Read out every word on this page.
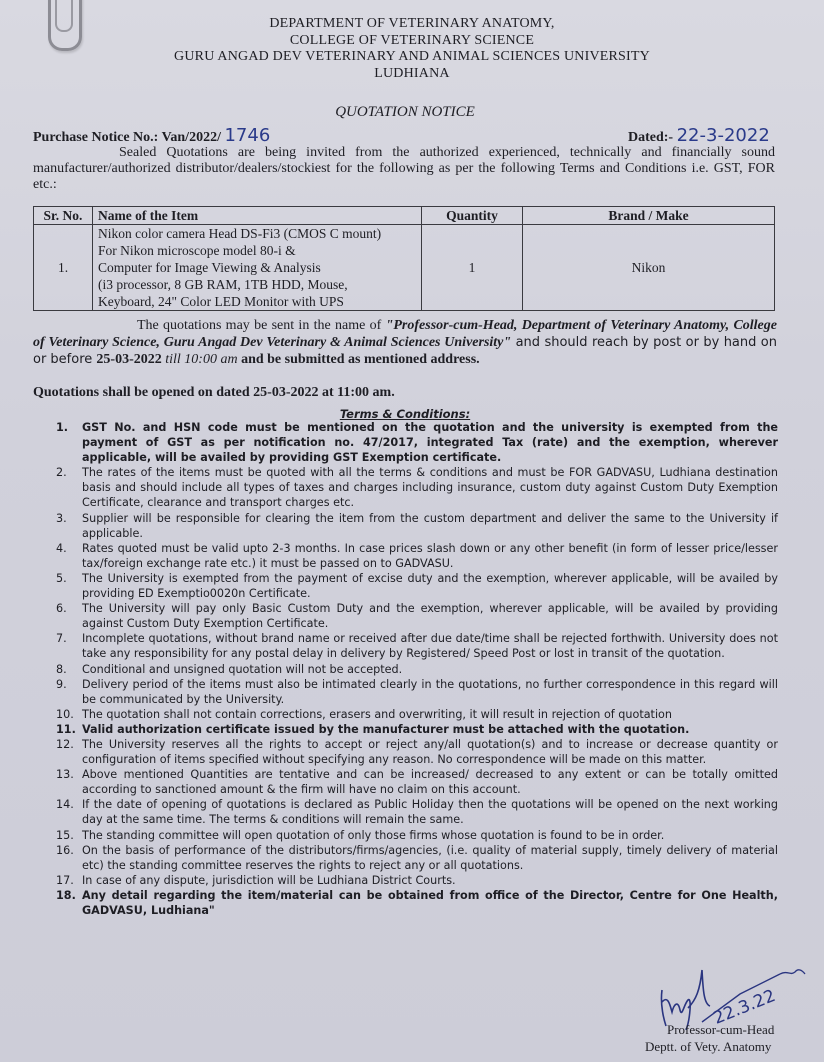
DEPARTMENT OF VETERINARY ANATOMY,
COLLEGE OF VETERINARY SCIENCE
GURU ANGAD DEV VETERINARY AND ANIMAL SCIENCES UNIVERSITY
LUDHIANA
QUOTATION NOTICE
Purchase Notice No.: Van/2022/ 1746	Dated:- 22-3-2022
Sealed Quotations are being invited from the authorized experienced, technically and financially sound manufacturer/authorized distributor/dealers/stockiest for the following as per the following Terms and Conditions i.e. GST, FOR etc.:
Sr. No.	Name of the Item	Quantity	Brand / Make
1.	Nikon color camera Head DS-Fi3 (CMOS C mount)
For Nikon microscope model 80-i &
Computer for Image Viewing & Analysis
(i3 processor, 8 GB RAM, 1TB HDD, Mouse,
Keyboard, 24" Color LED Monitor with UPS	1	Nikon
The quotations may be sent in the name of "Professor-cum-Head, Department of Veterinary Anatomy, College of Veterinary Science, Guru Angad Dev Veterinary & Animal Sciences University" and should reach by post or by hand on or before 25-03-2022 till 10:00 am and be submitted as mentioned address.
Quotations shall be opened on dated 25-03-2022 at 11:00 am.
Terms & Conditions:
1. GST No. and HSN code must be mentioned on the quotation and the university is exempted from the payment of GST as per notification no. 47/2017, integrated Tax (rate) and the exemption, wherever applicable, will be availed by providing GST Exemption certificate.
2. The rates of the items must be quoted with all the terms & conditions and must be FOR GADVASU, Ludhiana destination basis and should include all types of taxes and charges including insurance, custom duty against Custom Duty Exemption Certificate, clearance and transport charges etc.
3. Supplier will be responsible for clearing the item from the custom department and deliver the same to the University if applicable.
4. Rates quoted must be valid upto 2-3 months. In case prices slash down or any other benefit (in form of lesser price/lesser tax/foreign exchange rate etc.) it must be passed on to GADVASU.
5. The University is exempted from the payment of excise duty and the exemption, wherever applicable, will be availed by providing ED Exemptio0020n Certificate.
6. The University will pay only Basic Custom Duty and the exemption, wherever applicable, will be availed by providing against Custom Duty Exemption Certificate.
7. Incomplete quotations, without brand name or received after due date/time shall be rejected forthwith. University does not take any responsibility for any postal delay in delivery by Registered/ Speed Post or lost in transit of the quotation.
8. Conditional and unsigned quotation will not be accepted.
9. Delivery period of the items must also be intimated clearly in the quotations, no further correspondence in this regard will be communicated by the University.
10. The quotation shall not contain corrections, erasers and overwriting, it will result in rejection of quotation
11. Valid authorization certificate issued by the manufacturer must be attached with the quotation.
12. The University reserves all the rights to accept or reject any/all quotation(s) and to increase or decrease quantity or configuration of items specified without specifying any reason. No correspondence will be made on this matter.
13. Above mentioned Quantities are tentative and can be increased/ decreased to any extent or can be totally omitted according to sanctioned amount & the firm will have no claim on this account.
14. If the date of opening of quotations is declared as Public Holiday then the quotations will be opened on the next working day at the same time. The terms & conditions will remain the same.
15. The standing committee will open quotation of only those firms whose quotation is found to be in order.
16. On the basis of performance of the distributors/firms/agencies, (i.e. quality of material supply, timely delivery of material etc) the standing committee reserves the rights to reject any or all quotations.
17. In case of any dispute, jurisdiction will be Ludhiana District Courts.
18. Any detail regarding the item/material can be obtained from office of the Director, Centre for One Health, GADVASU, Ludhiana"
22.3.22
Professor-cum-Head
Deptt. of Vety. Anatomy
